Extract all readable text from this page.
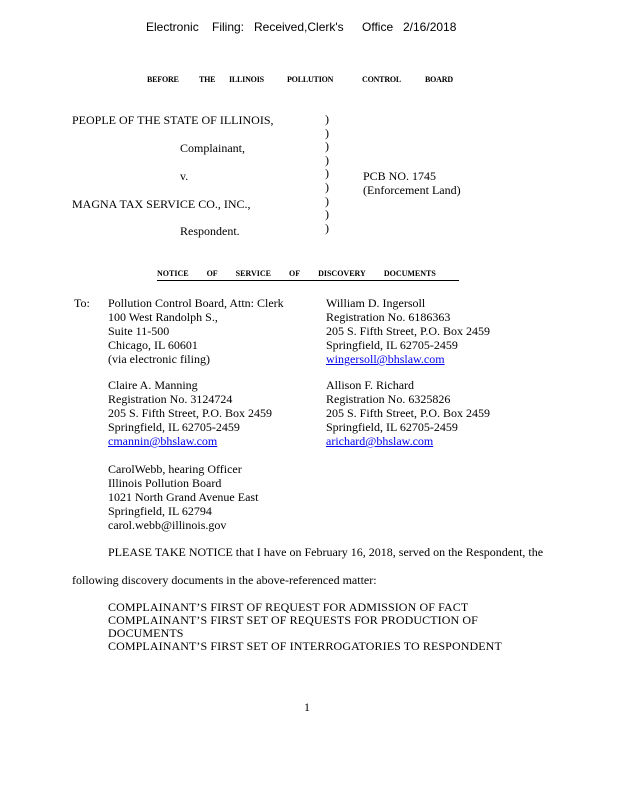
Electronic Filing: Received,Clerk's Office 2/16/2018
BEFORE	THE ILLINOIS	POLLUTION	CONTROL	BOARD
PEOPLE OF THE STATE OF ILLINOIS,
Complainant,
v.
MAGNA TAX SERVICE CO., INC.,
Respondent.
)
)
)
)
)
)
)
)
)
PCB NO. 1745
(Enforcement Land)
NOTICE OF SERVICE OF DISCOVERY DOCUMENTS
To: Pollution Control Board, Attn: Clerk
100 West Randolph S.,
Suite 11-500
Chicago, IL 60601
(via electronic filing)
William D. Ingersoll
Registration No. 6186363
205 S. Fifth Street, P.O. Box 2459
Springfield, IL 62705-2459
wingersoll@bhslaw.com
Claire A. Manning
Registration No. 3124724
205 S. Fifth Street, P.O. Box 2459
Springfield, IL 62705-2459
cmannin@bhslaw.com
Allison F. Richard
Registration No. 6325826
205 S. Fifth Street, P.O. Box 2459
Springfield, IL 62705-2459
arichard@bhslaw.com
CarolWebb, hearing Officer
Illinois Pollution Board
1021 North Grand Avenue East
Springfield, IL 62794
carol.webb@illinois.gov
PLEASE TAKE NOTICE that I have on February 16, 2018, served on the Respondent, the
following discovery documents in the above-referenced matter:
COMPLAINANT’S FIRST OF REQUEST FOR ADMISSION OF FACT
COMPLAINANT’S FIRST SET OF REQUESTS FOR PRODUCTION OF
DOCUMENTS
COMPLAINANT’S FIRST SET OF INTERROGATORIES TO RESPONDENT
1
